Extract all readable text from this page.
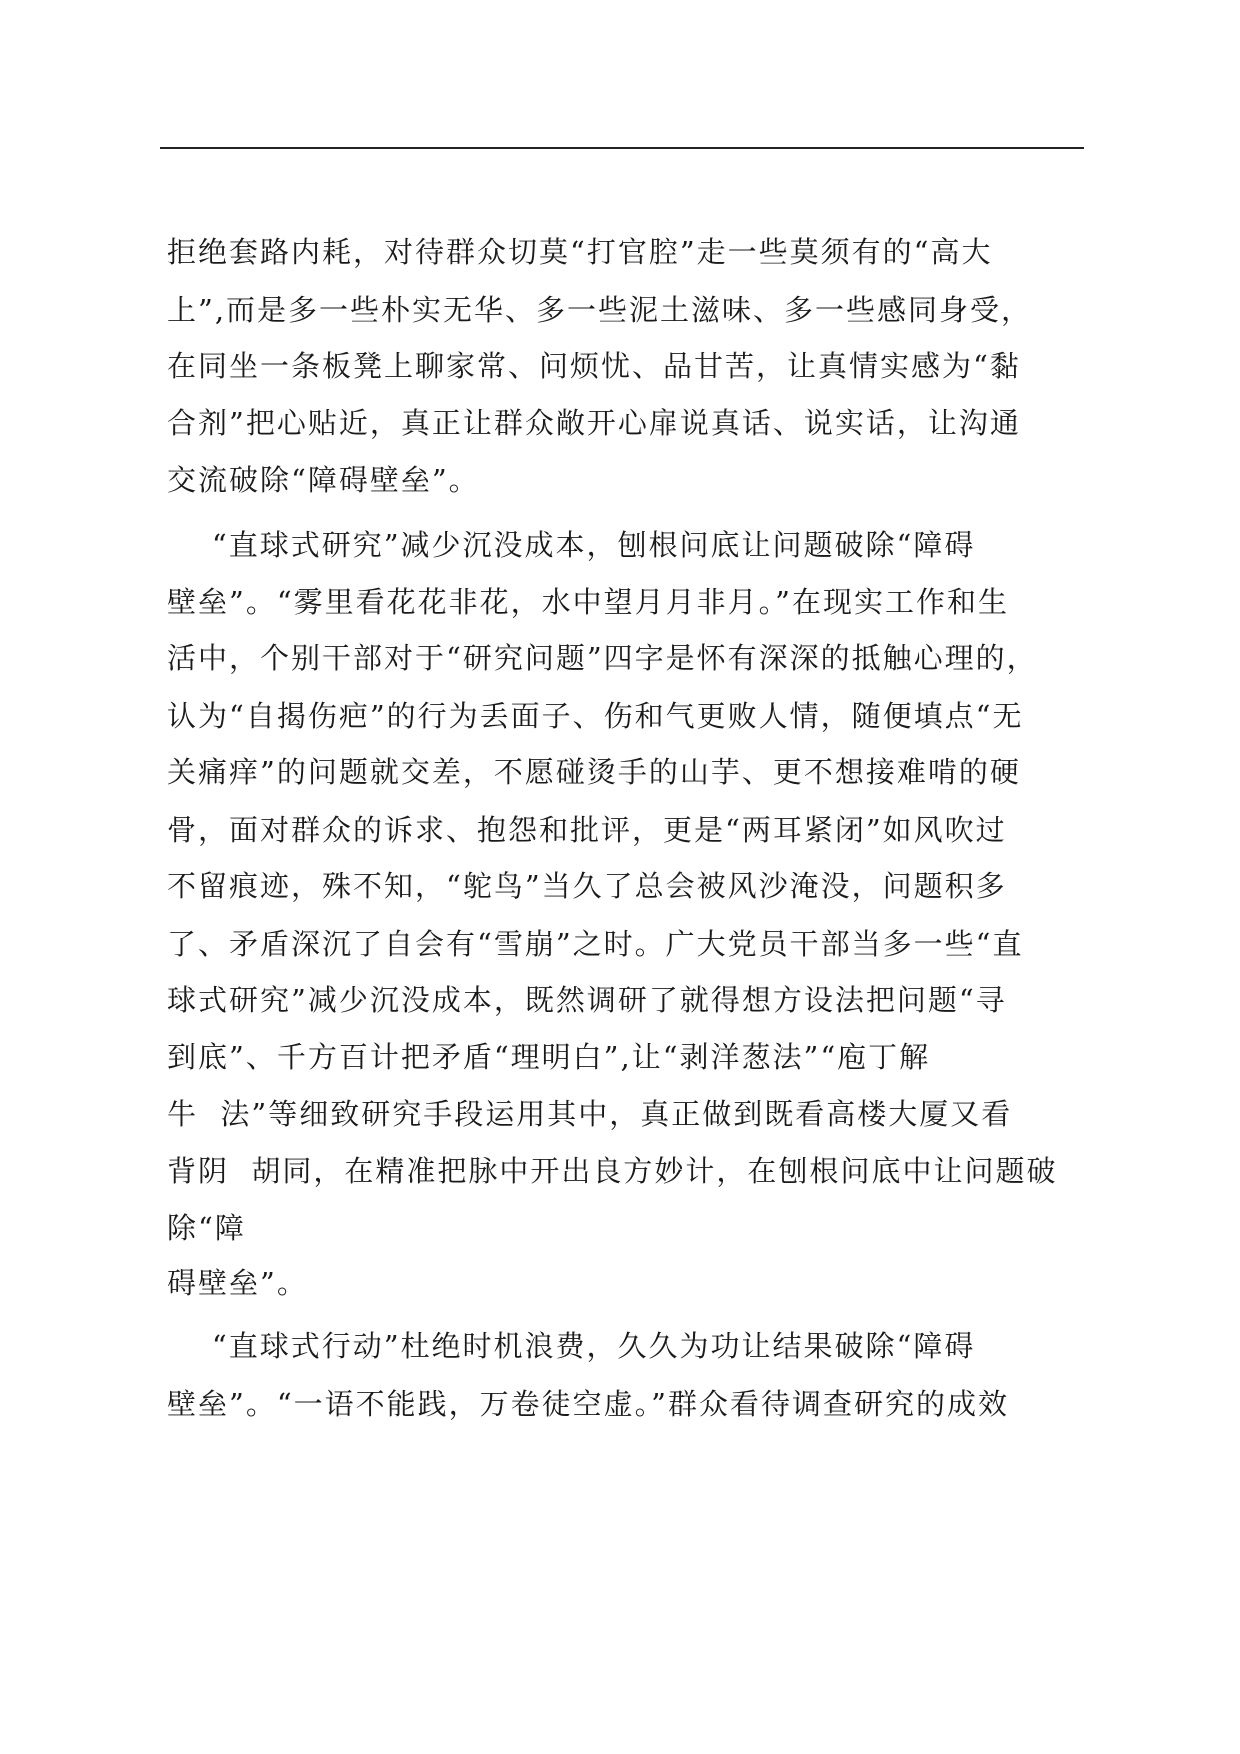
拒绝套路内耗，对待群众切莫“打官腔”走一些莫须有的“高大
上”,而是多一些朴实无华、多一些泥土滋味、多一些感同身受，
在同坐一条板凳上聊家常、问烦忧、品甘苦，让真情实感为“黏
合剂”把心贴近，真正让群众敞开心扉说真话、说实话，让沟通
交流破除“障碍壁垒”。
“直球式研究”减少沉没成本，刨根问底让问题破除“障碍
壁垒”。“雾里看花花非花，水中望月月非月。”在现实工作和生
活中，个别干部对于“研究问题”四字是怀有深深的抵触心理的，
认为“自揭伤疤”的行为丢面子、伤和气更败人情，随便填点“无
关痛痒”的问题就交差，不愿碰烫手的山芋、更不想接难啃的硬
骨，面对群众的诉求、抱怨和批评，更是“两耳紧闭”如风吹过
不留痕迹，殊不知，“鸵鸟”当久了总会被风沙淹没，问题积多
了、矛盾深沉了自会有“雪崩”之时。广大党员干部当多一些“直
球式研究”减少沉没成本，既然调研了就得想方设法把问题“寻
到底”、千方百计把矛盾“理明白”,让“剥洋葱法”“庖丁解
牛  法”等细致研究手段运用其中，真正做到既看高楼大厦又看
背阴  胡同，在精准把脉中开出良方妙计，在刨根问底中让问题破
除“障
碍壁垒”。
“直球式行动”杜绝时机浪费，久久为功让结果破除“障碍
壁垒”。“一语不能践，万卷徒空虚。”群众看待调查研究的成效
